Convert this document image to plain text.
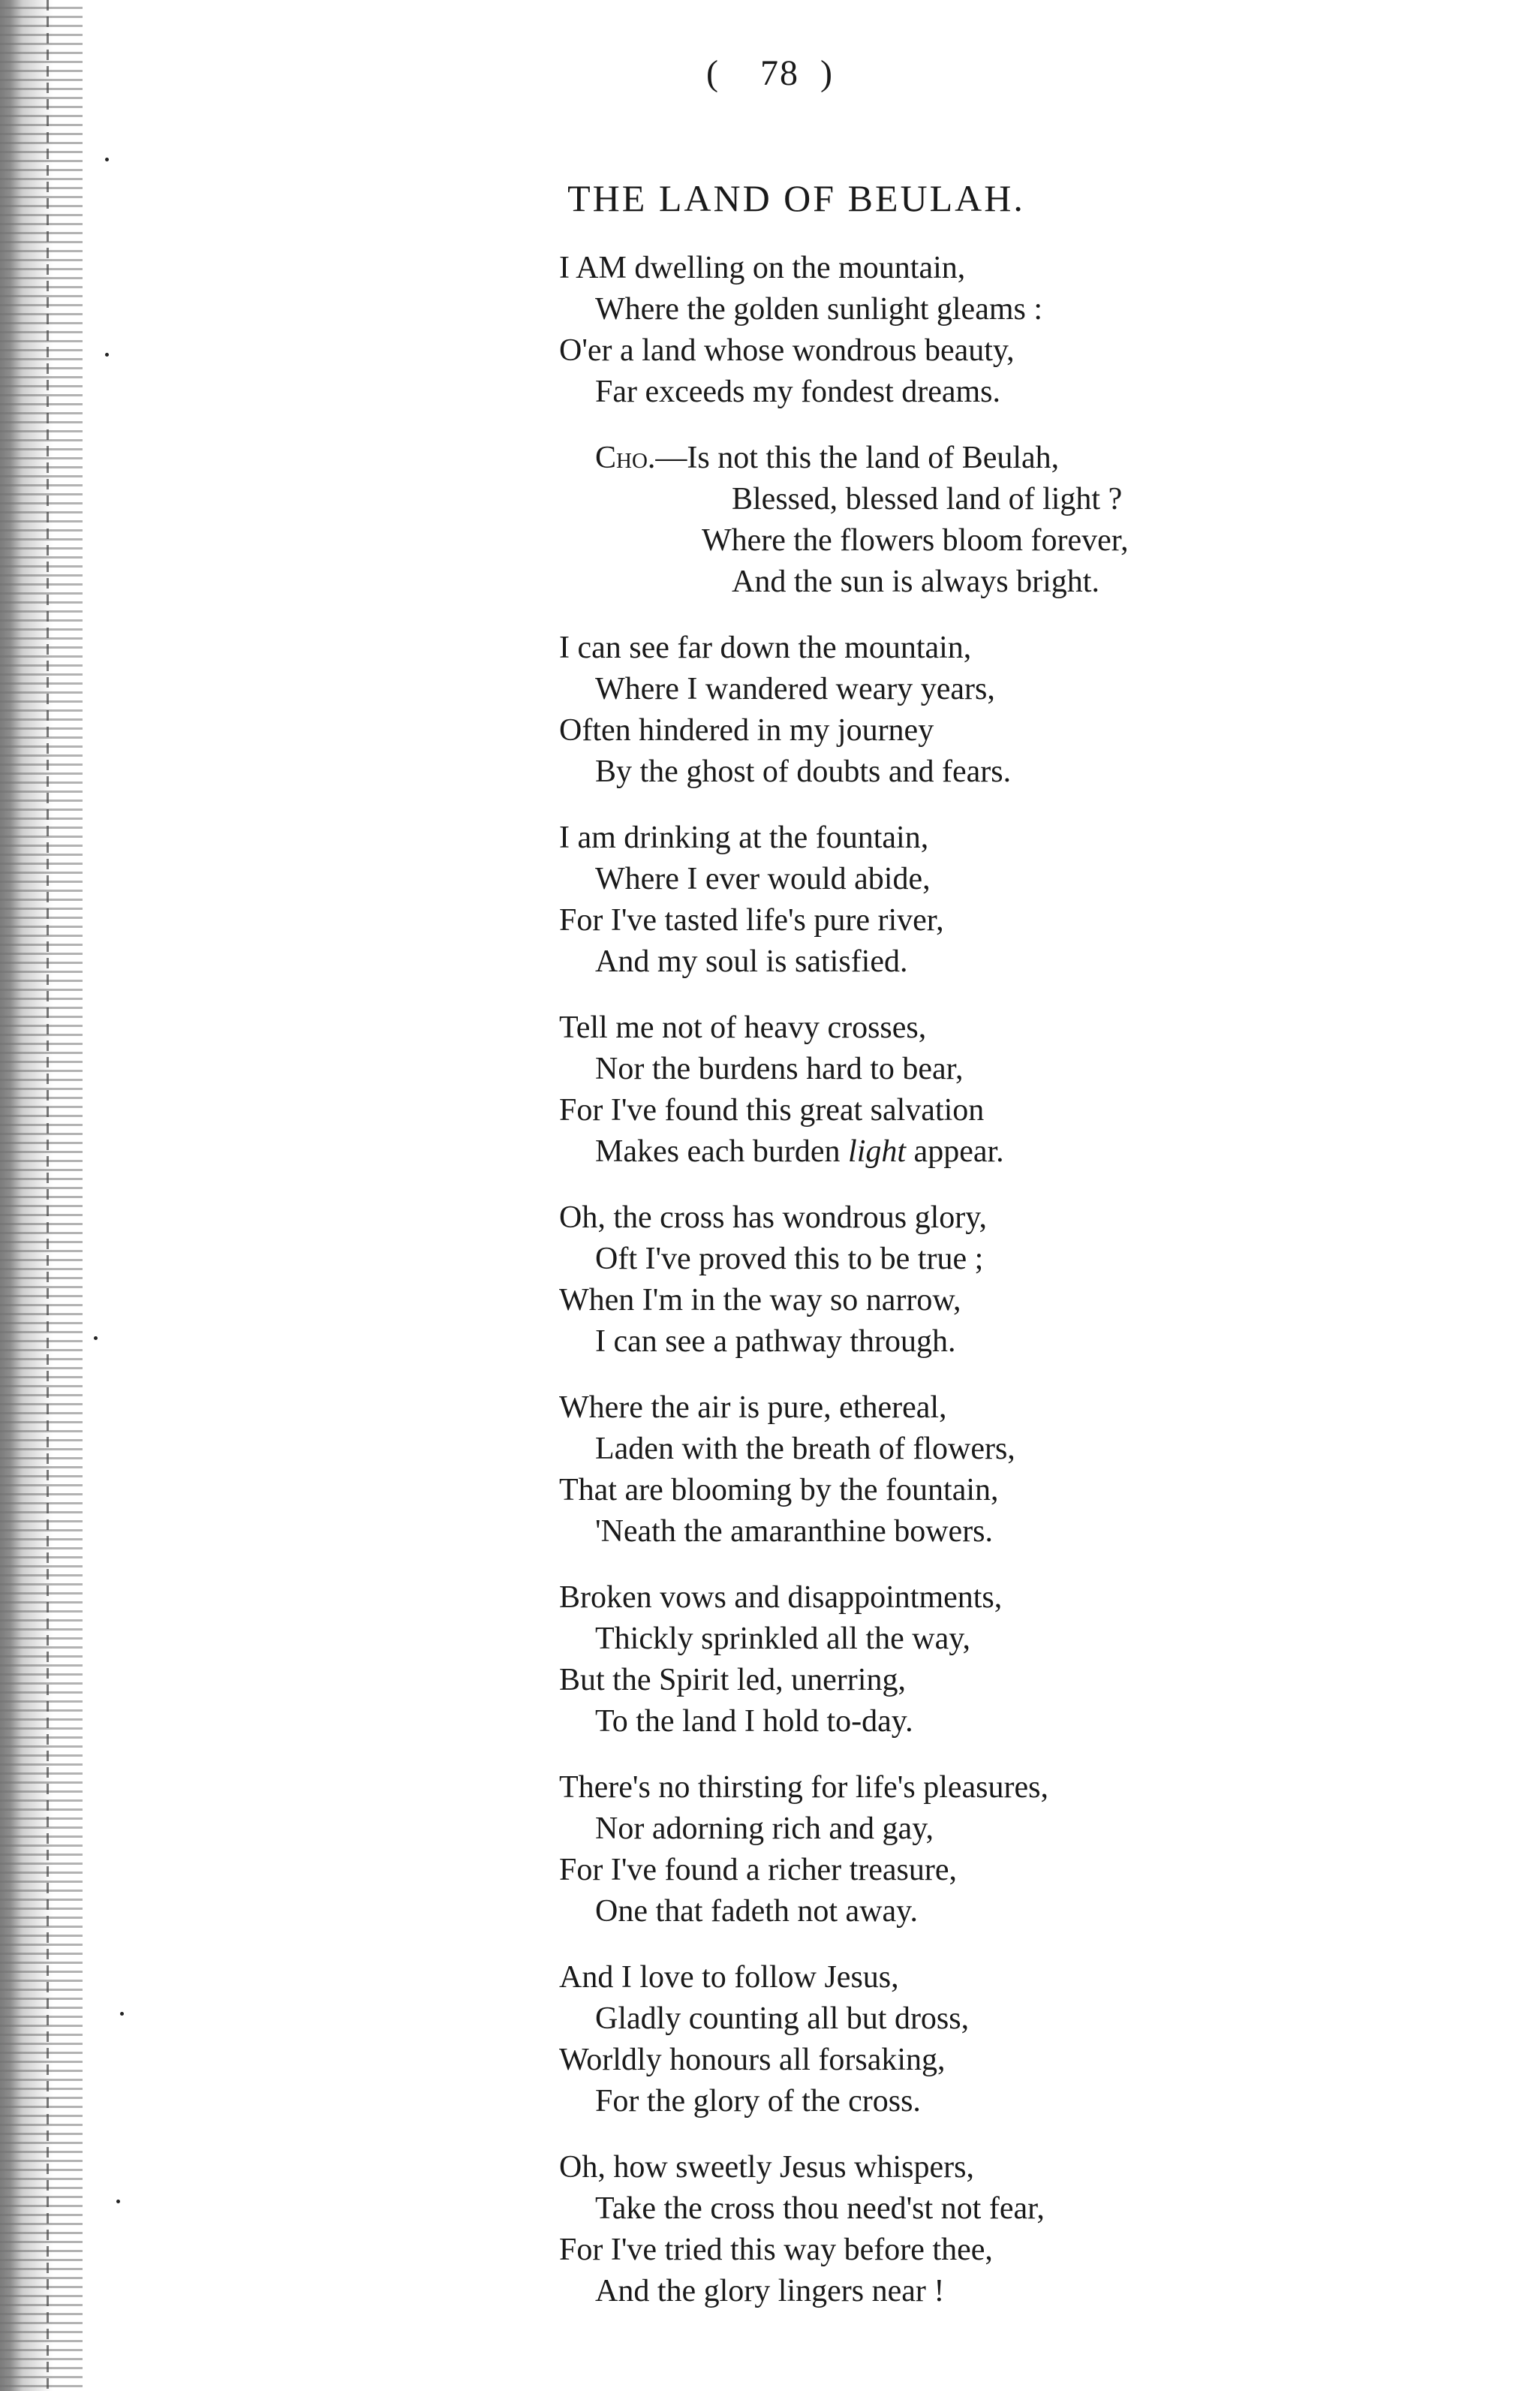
( 78  )
THE LAND OF BEULAH.
I AM dwelling on the mountain,
Where the golden sunlight gleams :
O'er a land whose wondrous beauty,
Far exceeds my fondest dreams.
Cho.—Is not this the land of Beulah,
Blessed, blessed land of light ?
Where the flowers bloom forever,
And the sun is always bright.
I can see far down the mountain,
Where I wandered weary years,
Often hindered in my journey
By the ghost of doubts and fears.
I am drinking at the fountain,
Where I ever would abide,
For I've tasted life's pure river,
And my soul is satisfied.
Tell me not of heavy crosses,
Nor the burdens hard to bear,
For I've found this great salvation
Makes each burden light appear.
Oh, the cross has wondrous glory,
Oft I've proved this to be true ;
When I'm in the way so narrow,
I can see a pathway through.
Where the air is pure, ethereal,
Laden with the breath of flowers,
That are blooming by the fountain,
'Neath the amaranthine bowers.
Broken vows and disappointments,
Thickly sprinkled all the way,
But the Spirit led, unerring,
To the land I hold to-day.
There's no thirsting for life's pleasures,
Nor adorning rich and gay,
For I've found a richer treasure,
One that fadeth not away.
And I love to follow Jesus,
Gladly counting all but dross,
Worldly honours all forsaking,
For the glory of the cross.
Oh, how sweetly Jesus whispers,
Take the cross thou need'st not fear,
For I've tried this way before thee,
And the glory lingers near !
